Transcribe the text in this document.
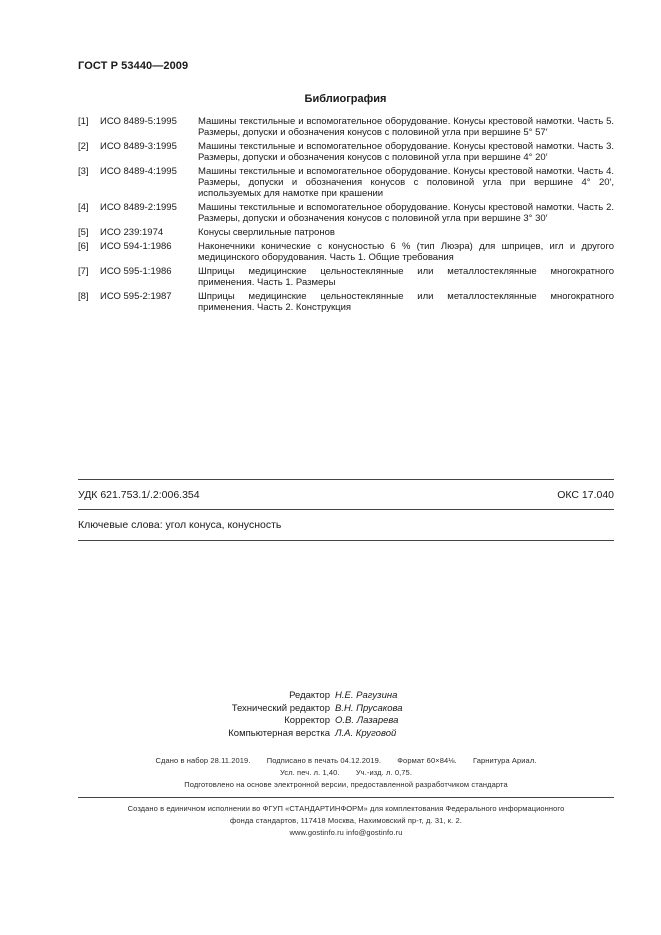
ГОСТ Р 53440—2009
Библиография
[1]	ИСО 8489-5:1995	Машины текстильные и вспомогательное оборудование. Конусы крестовой намотки. Часть 5. Размеры, допуски и обозначения конусов с половиной угла при вершине 5° 57′
[2]	ИСО 8489-3:1995	Машины текстильные и вспомогательное оборудование. Конусы крестовой намотки. Часть 3. Размеры, допуски и обозначения конусов с половиной угла при вершине 4° 20′
[3]	ИСО 8489-4:1995	Машины текстильные и вспомогательное оборудование. Конусы крестовой намотки. Часть 4. Размеры, допуски и обозначения конусов с половиной угла при вершине 4° 20′, используемых для намотке при крашении
[4]	ИСО 8489-2:1995	Машины текстильные и вспомогательное оборудование. Конусы крестовой намотки. Часть 2. Размеры, допуски и обозначения конусов с половиной угла при вершине 3° 30′
[5]	ИСО 239:1974	Конусы сверлильные патронов
[6]	ИСО 594-1:1986	Наконечники конические с конусностью 6 % (тип Люэра) для шприцев, игл и другого медицинского оборудования. Часть 1. Общие требования
[7]	ИСО 595-1:1986	Шприцы медицинские цельностеклянные или металлостеклянные многократного применения. Часть 1. Размеры
[8]	ИСО 595-2:1987	Шприцы медицинские цельностеклянные или металлостеклянные многократного применения. Часть 2. Конструкция
УДК 621.753.1/.2:006.354	ОКС 17.040
Ключевые слова: угол конуса, конусность
Редактор Н.Е. Рагузина
Технический редактор В.Н. Прусакова
Корректор О.В. Лазарева
Компьютерная верстка Л.А. Круговой
Сдано в набор 28.11.2019. Подписано в печать 04.12.2019. Формат 60×84⅛. Гарнитура Ариал.
Усл. печ. л. 1,40. Уч.-изд. л. 0,75.
Подготовлено на основе электронной версии, предоставленной разработчиком стандарта
Создано в единичном исполнении во ФГУП «СТАНДАРТИНФОРМ» для комплектования Федерального информационного
фонда стандартов, 117418 Москва, Нахимовский пр-т, д. 31, к. 2.
www.gostinfo.ru info@gostinfo.ru
